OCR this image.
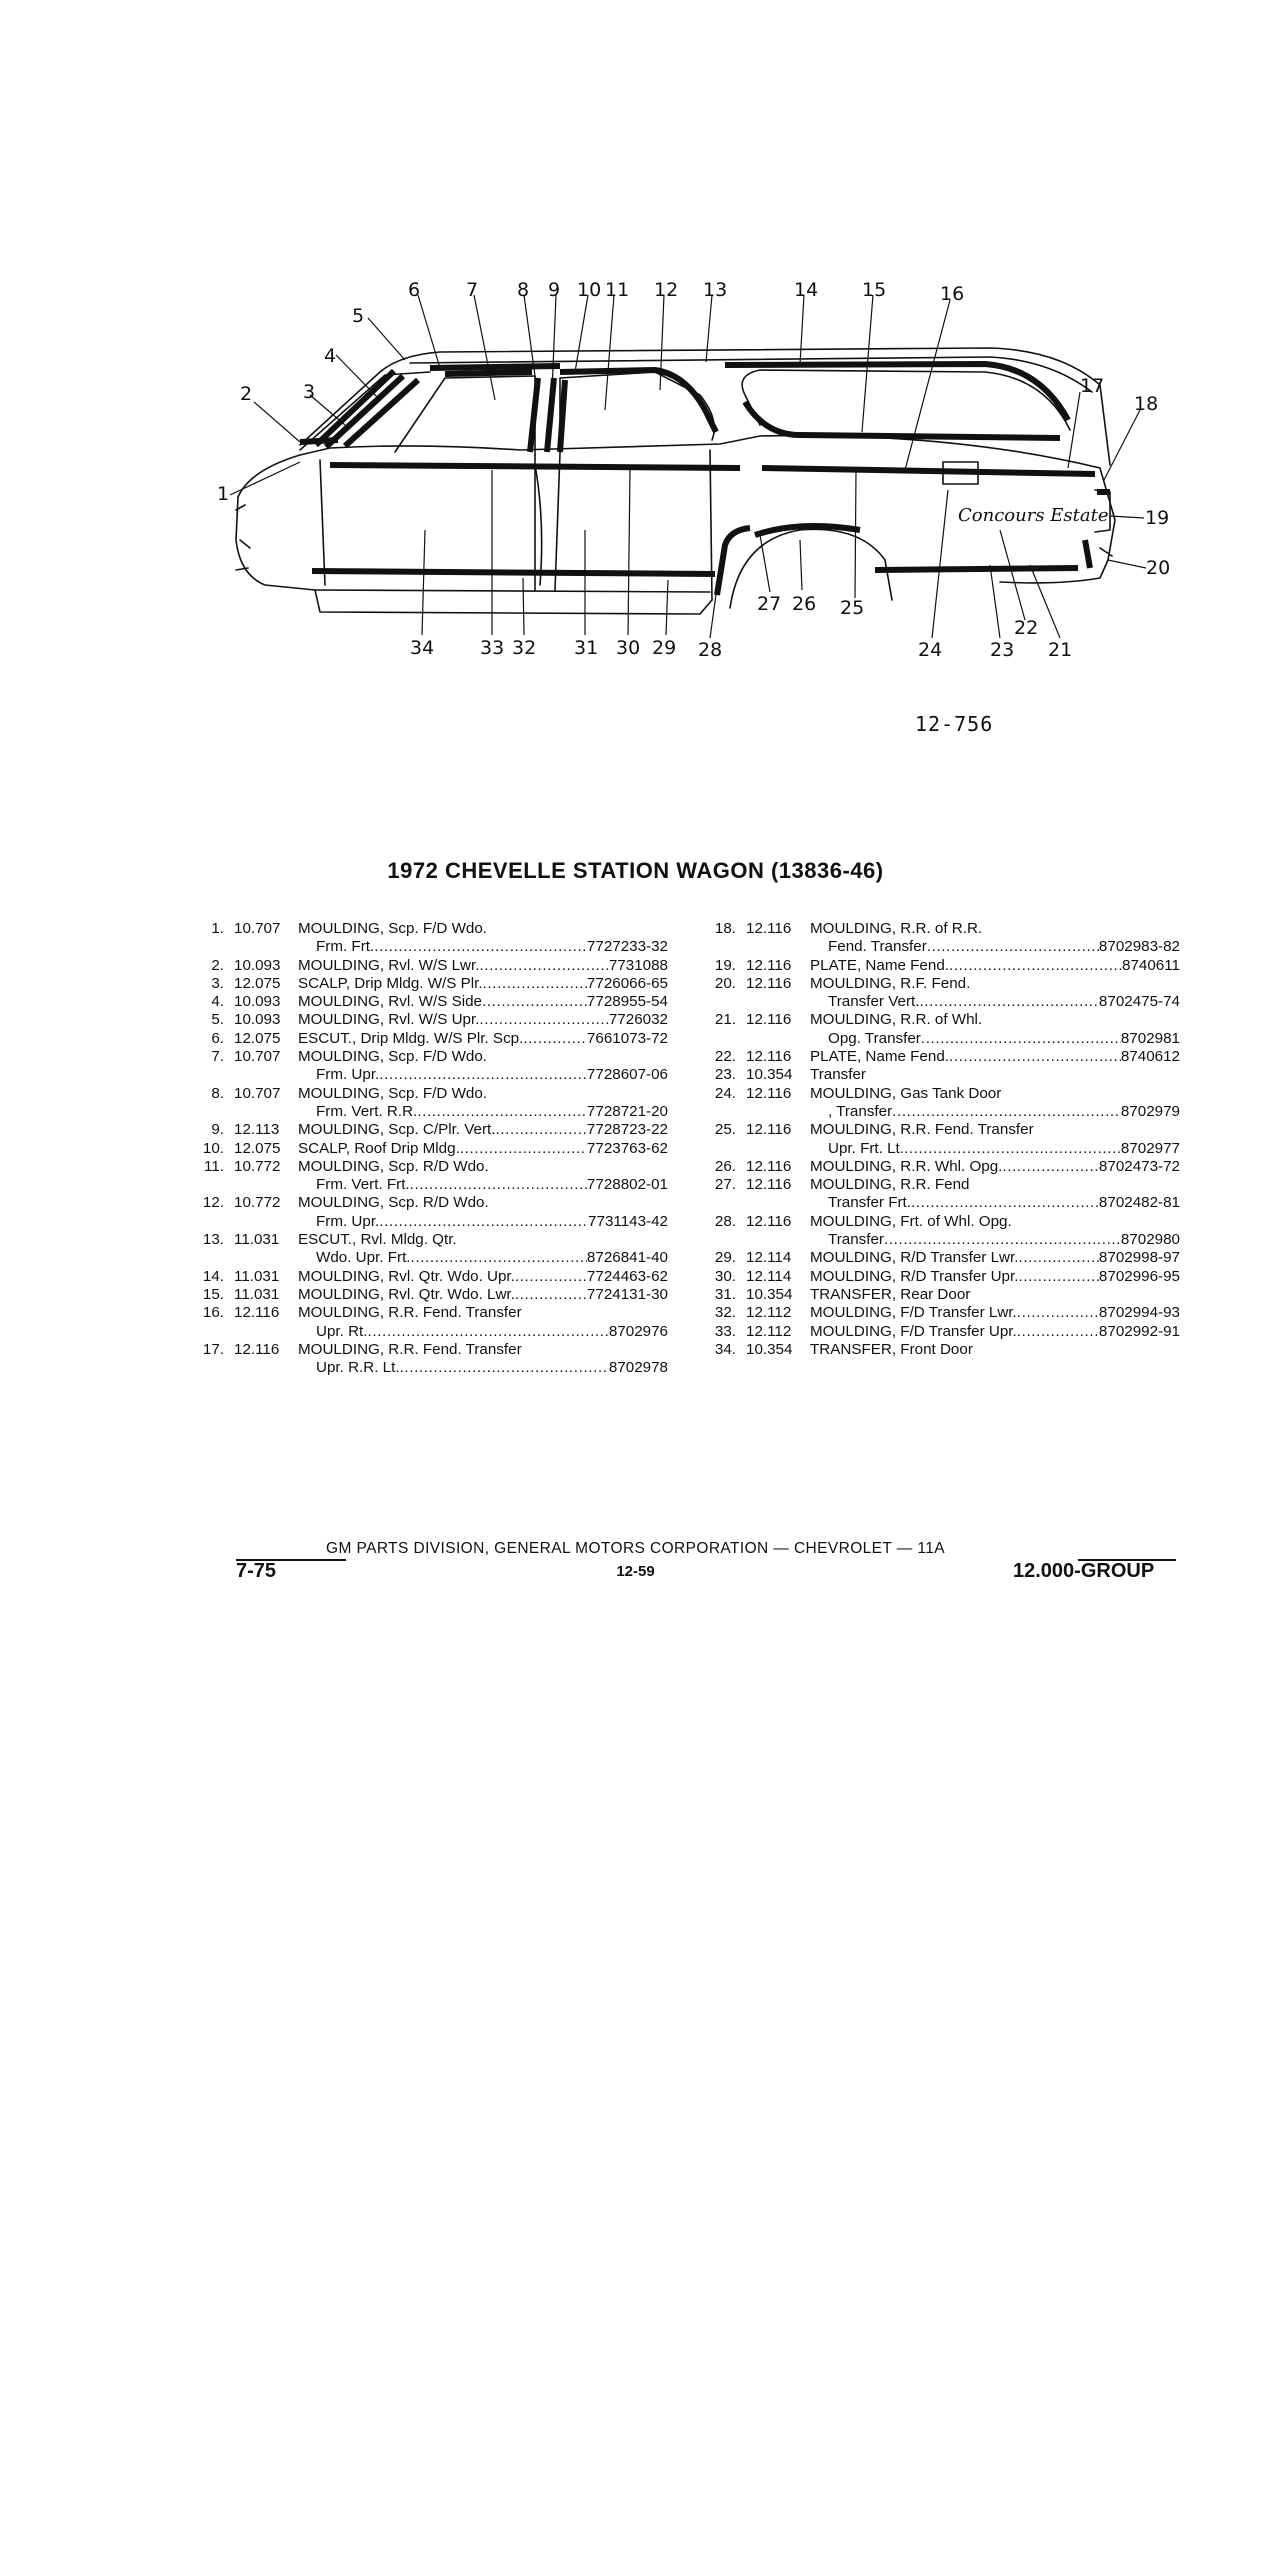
Concours Estate
1
2	3
4
5
6 7 8 9 10 11 12 13	14 15	16
17
18
19
20
21
22
23
24
25
26
27
28
29
30
31
32
33
34
12-756
1972 CHEVELLE STATION WAGON (13836-46)
1. 10.707 MOULDING, Scp. F/D Wdo.
Frm. Frt. . . .	7727233-32
2. 10.093 MOULDING, Rvl. W/S Lwr. . . .	7731088
3. 12.075 SCALP, Drip Mldg. W/S Plr. . . .	7726066-65
4. 10.093 MOULDING, Rvl. W/S Side . . .	7728955-54
5. 10.093 MOULDING, Rvl. W/S Upr. . . .	7726032
6. 12.075 ESCUT., Drip Mldg. W/S Plr. Scp. . . .	7661073-72
7. 10.707 MOULDING, Scp. F/D Wdo.
Frm. Upr. . . .	7728607-06
8. 10.707 MOULDING, Scp. F/D Wdo.
Frm. Vert. R.R. . . .	7728721-20
9. 12.113 MOULDING, Scp. C/Plr. Vert. . . .	7728723-22
10. 12.075 SCALP, Roof Drip Mldg. . . .	7723763-62
11. 10.772 MOULDING, Scp. R/D Wdo.
Frm. Vert. Frt. . . .	7728802-01
12. 10.772 MOULDING, Scp. R/D Wdo.
Frm. Upr. . . .	7731143-42
13. 11.031 ESCUT., Rvl. Mldg. Qtr.
Wdo. Upr. Frt. . . .	8726841-40
14. 11.031 MOULDING, Rvl. Qtr. Wdo. Upr. . . .	7724463-62
15. 11.031 MOULDING, Rvl. Qtr. Wdo. Lwr. . . .	7724131-30
16. 12.116 MOULDING, R.R. Fend. Transfer
Upr. Rt. . . .	8702976
17. 12.116 MOULDING, R.R. Fend. Transfer
Upr. R.R. Lt. . . .	8702978
18. 12.116 MOULDING, R.R. of R.R.
Fend. Transfer . . .	8702983-82
19. 12.116 PLATE, Name Fend. . . .	8740611
20. 12.116 MOULDING, R.F. Fend.
Transfer Vert. . . .	8702475-74
21. 12.116 MOULDING, R.R. of Whl.
Opg. Transfer . . .	8702981
22. 12.116 PLATE, Name Fend. . . .	8740612
23. 10.354 Transfer
24. 12.116 MOULDING, Gas Tank Door
, Transfer . . .	8702979
25. 12.116 MOULDING, R.R. Fend. Transfer
Upr. Frt. Lt. . . .	8702977
26. 12.116 MOULDING, R.R. Whl. Opg. . . .	8702473-72
27. 12.116 MOULDING, R.R. Fend
Transfer Frt. . . .	8702482-81
28. 12.116 MOULDING, Frt. of Whl. Opg.
Transfer . . .	8702980
29. 12.114 MOULDING, R/D Transfer Lwr. . . .	8702998-97
30. 12.114 MOULDING, R/D Transfer Upr. . . .	8702996-95
31. 10.354 TRANSFER, Rear Door
32. 12.112 MOULDING, F/D Transfer Lwr. . . .	8702994-93
33. 12.112 MOULDING, F/D Transfer Upr. . . .	8702992-91
34. 10.354 TRANSFER, Front Door
GM PARTS DIVISION, GENERAL MOTORS CORPORATION — CHEVROLET — 11A
12-59
7-75	12.000-GROUP
